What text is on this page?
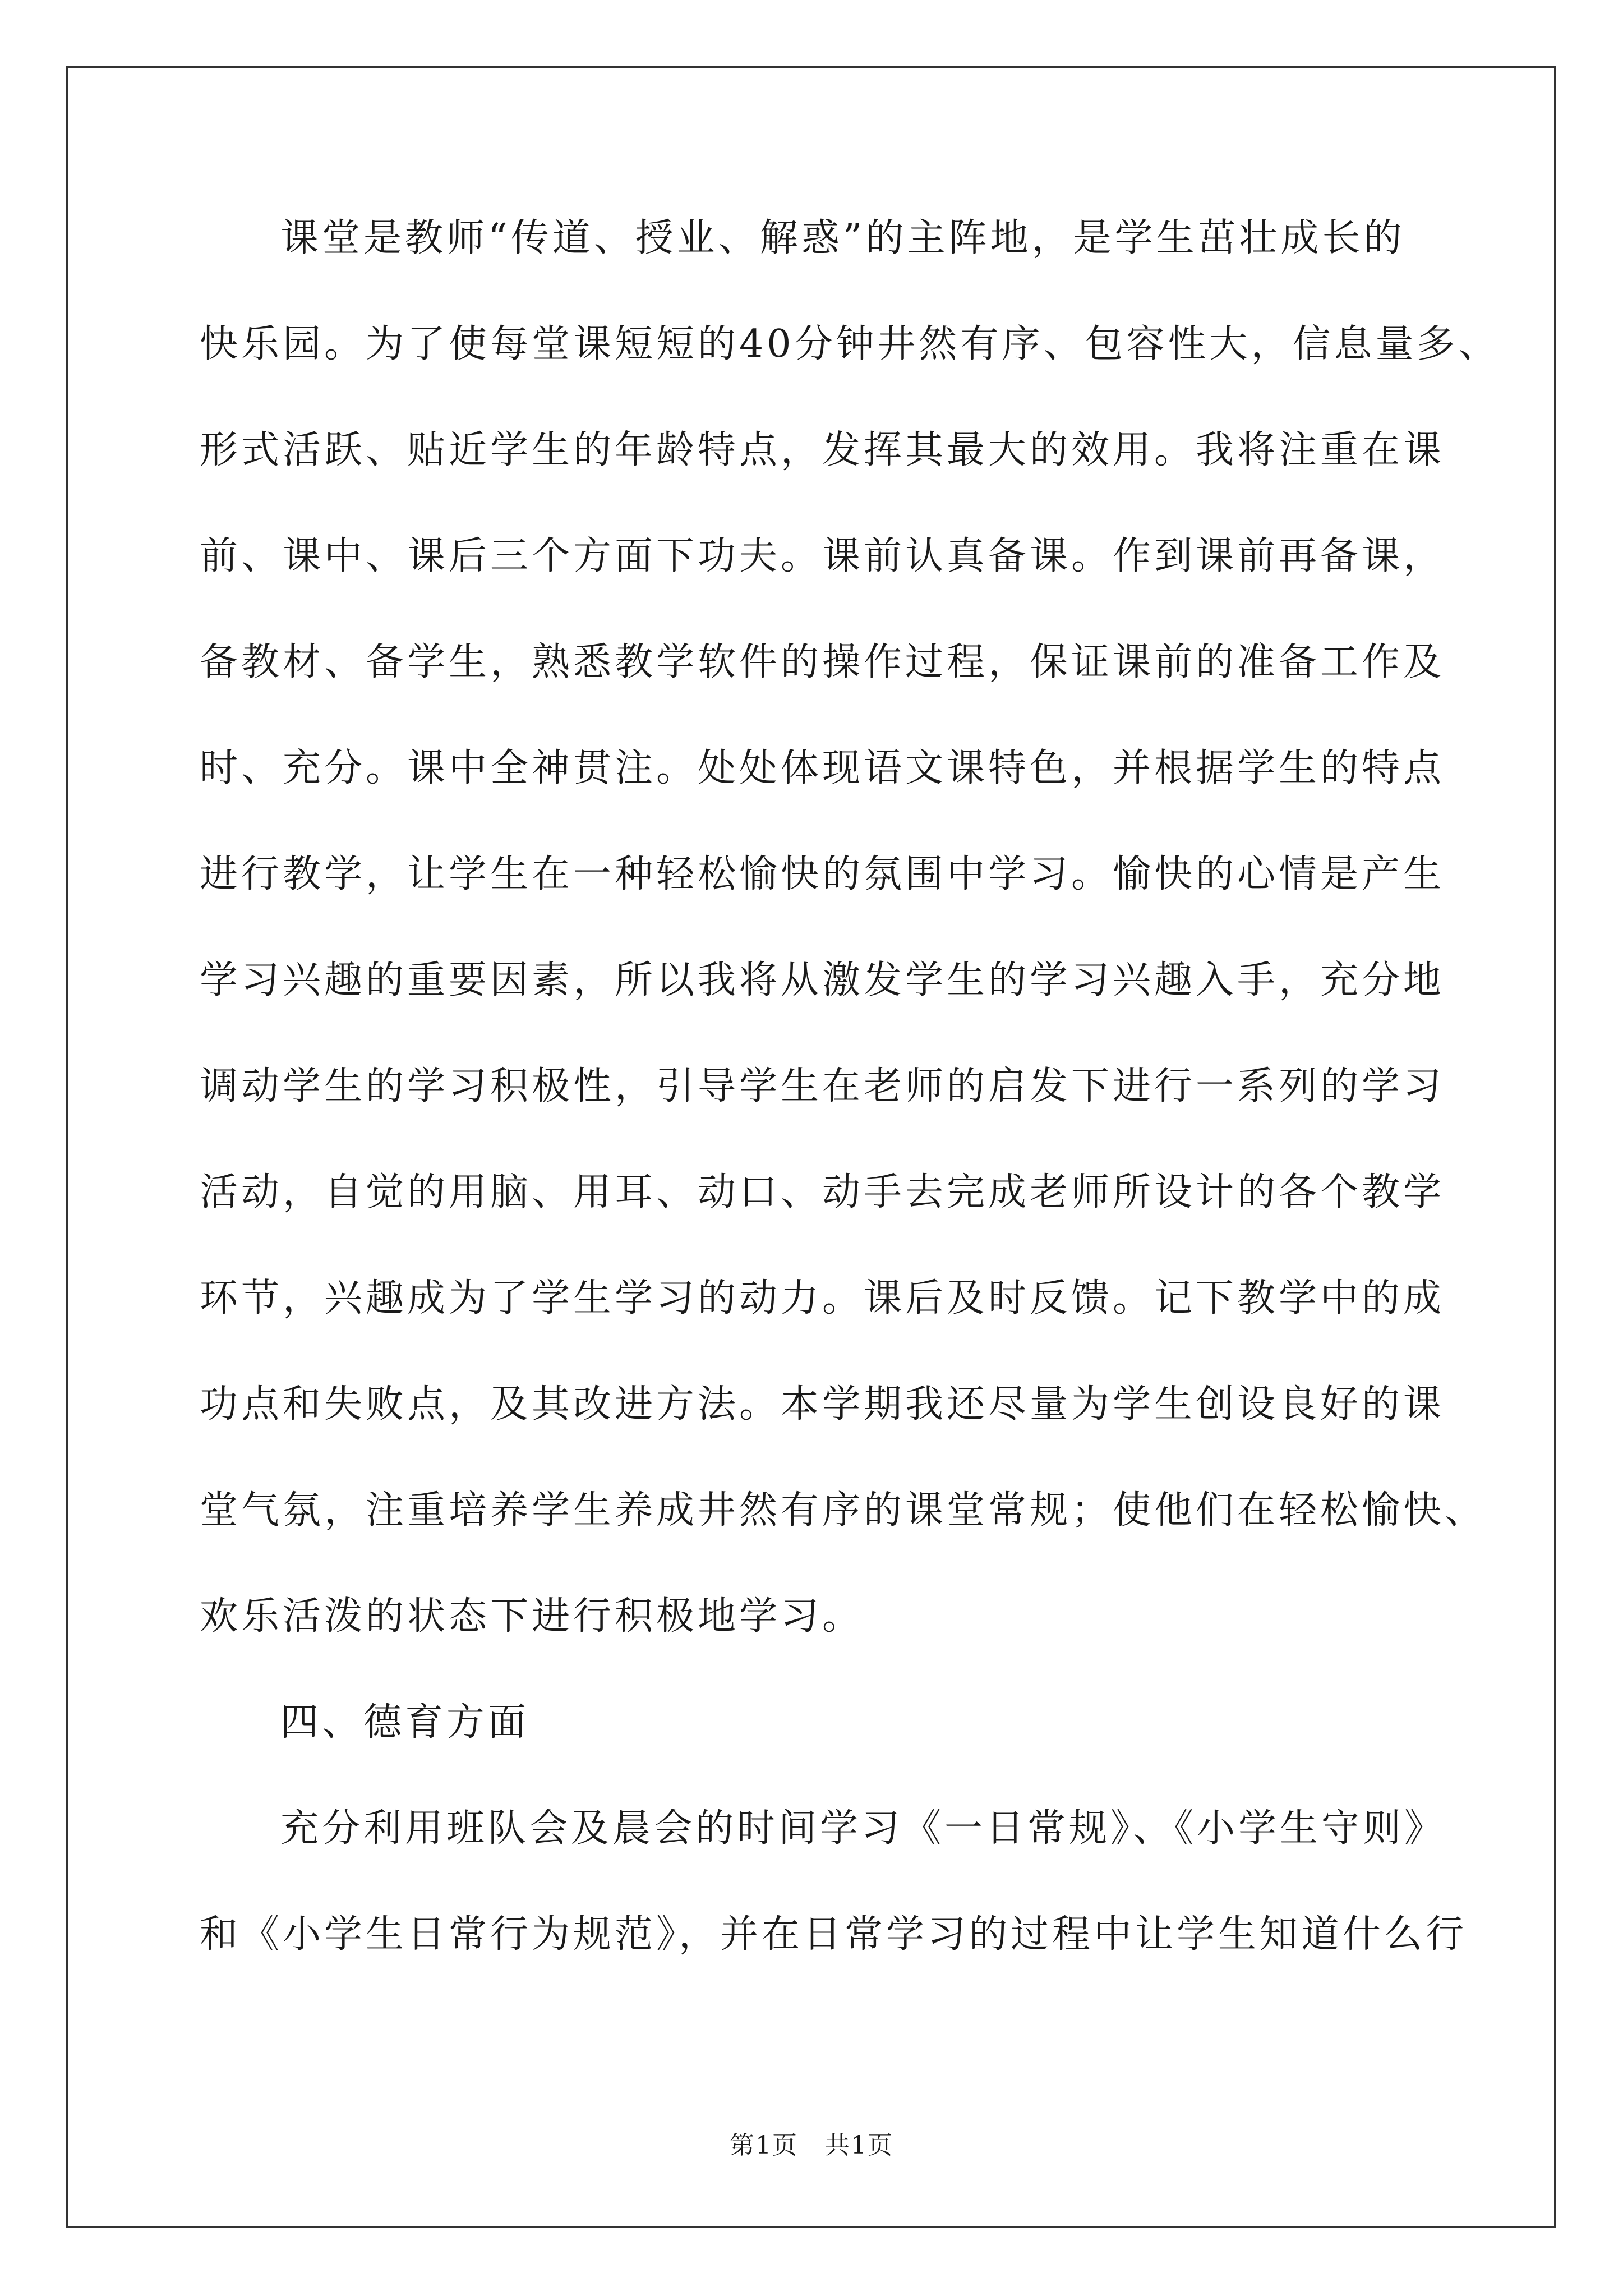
课堂是教师“传道、授业、解惑”的主阵地，是学生茁壮成长的
快乐园。为了使每堂课短短的40分钟井然有序、包容性大，信息量多、
形式活跃、贴近学生的年龄特点，发挥其最大的效用。我将注重在课
前、课中、课后三个方面下功夫。课前认真备课。作到课前再备课，
备教材、备学生，熟悉教学软件的操作过程，保证课前的准备工作及
时、充分。课中全神贯注。处处体现语文课特色，并根据学生的特点
进行教学，让学生在一种轻松愉快的氛围中学习。愉快的心情是产生
学习兴趣的重要因素，所以我将从激发学生的学习兴趣入手，充分地
调动学生的学习积极性，引导学生在老师的启发下进行一系列的学习
活动，自觉的用脑、用耳、动口、动手去完成老师所设计的各个教学
环节，兴趣成为了学生学习的动力。课后及时反馈。记下教学中的成
功点和失败点，及其改进方法。本学期我还尽量为学生创设良好的课
堂气氛，注重培养学生养成井然有序的课堂常规；使他们在轻松愉快、
欢乐活泼的状态下进行积极地学习。
四、德育方面
充分利用班队会及晨会的时间学习《一日常规》、《小学生守则》
和《小学生日常行为规范》，并在日常学习的过程中让学生知道什么行
第1页   共1页
